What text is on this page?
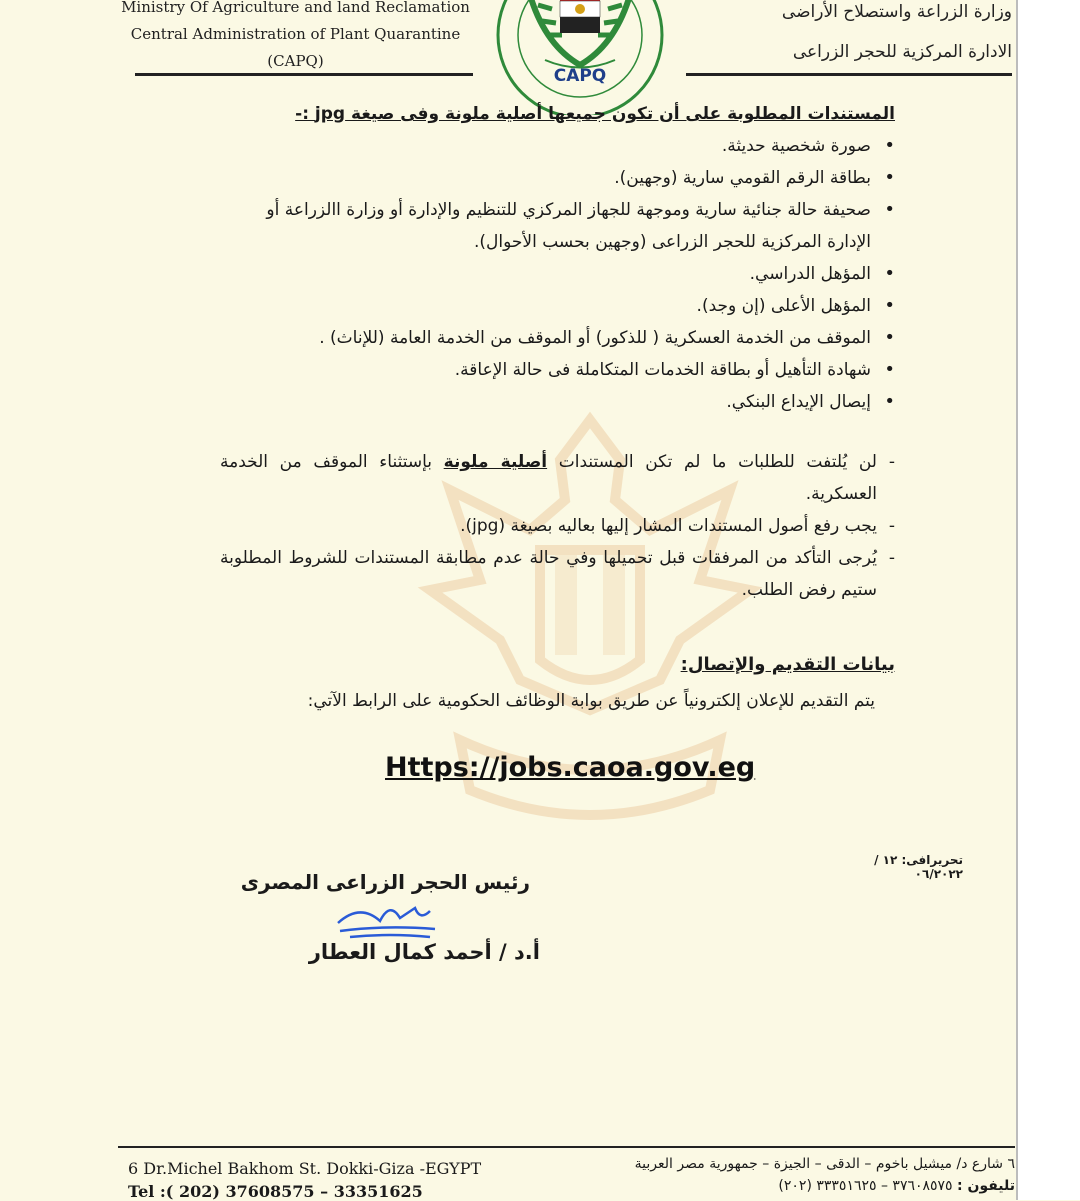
Ministry Of Agriculture and land Reclamation
Central Administration of Plant Quarantine
(CAPQ)
وزارة الزراعة واستصلاح الأراضى
الادارة المركزية للحجر الزراعى
CAPQ
المستندات المطلوبة على أن تكون جميعها أصلية ملونة وفى صيغة jpg :-
• صورة شخصية حديثة.
• بطاقة الرقم القومي سارية (وجهين).
• صحيفة حالة جنائية سارية وموجهة للجهاز المركزي للتنظيم والإدارة أو وزارة االزراعة أو الإدارة المركزية للحجر الزراعى (وجهين بحسب الأحوال).
• المؤهل الدراسي.
• المؤهل الأعلى (إن وجد).
• الموقف من الخدمة العسكرية ( للذكور) أو الموقف من الخدمة العامة (للإناث) .
• شهادة التأهيل أو بطاقة الخدمات المتكاملة فى حالة الإعاقة.
• إيصال الإيداع البنكي.
- لن يُلتفت للطلبات ما لم تكن المستندات أصلية ملونة بإستثناء الموقف من الخدمة العسكرية.
- يجب رفع أصول المستندات المشار إليها بعاليه بصيغة (jpg).
- يُرجى التأكد من المرفقات قبل تحميلها وفي حالة عدم مطابقة المستندات للشروط المطلوبة ستيم رفض الطلب.
بيانات التقديم والإتصال:
يتم التقديم للإعلان إلكترونياً عن طريق بوابة الوظائف الحكومية على الرابط الآتي:
Https://jobs.caoa.gov.eg
تحريرافى: ١٢ /٠٦/٢٠٢٢
رئيس الحجر الزراعى المصرى
أ.د / أحمد كمال العطار
6 Dr.Michel Bakhom St. Dokki-Giza -EGYPT
Tel :( 202) 37608575 – 33351625
٦ شارع د/ ميشيل باخوم – الدقى – الجيزة – جمهورية مصر العربية
تليفون : ٣٧٦٠٨٥٧٥ – ٣٣٣٥١٦٢٥ (٢٠٢)
